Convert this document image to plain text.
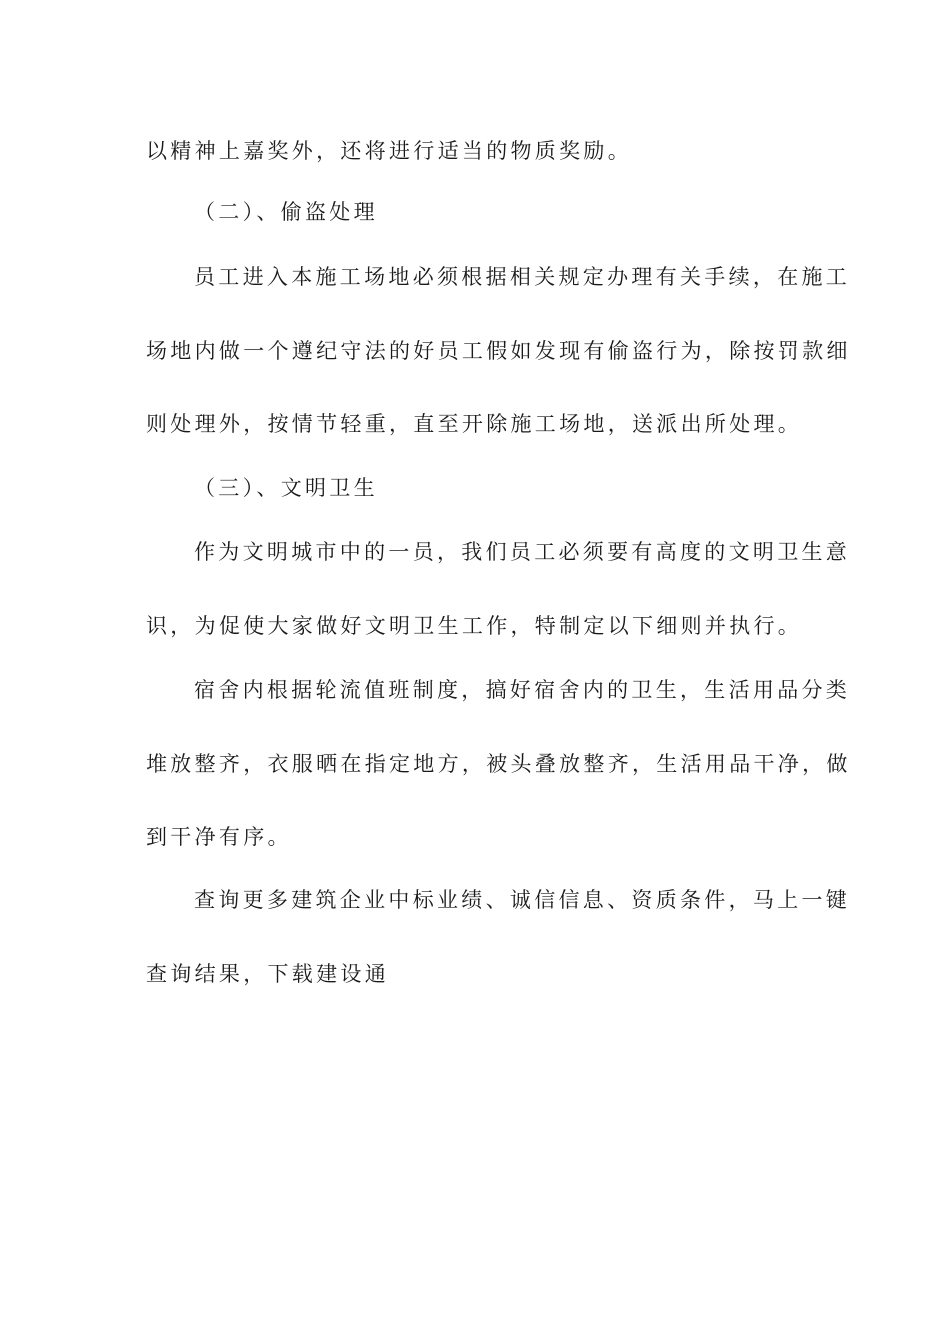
以精神上嘉奖外，还将进行适当的物质奖励。
（二）、偷盗处理
员工进入本施工场地必须根据相关规定办理有关手续，在施工
场地内做一个遵纪守法的好员工假如发现有偷盗行为，除按罚款细
则处理外，按情节轻重，直至开除施工场地，送派出所处理。
（三）、文明卫生
作为文明城市中的一员，我们员工必须要有高度的文明卫生意
识，为促使大家做好文明卫生工作，特制定以下细则并执行。
宿舍内根据轮流值班制度，搞好宿舍内的卫生，生活用品分类
堆放整齐，衣服晒在指定地方，被头叠放整齐，生活用品干净，做
到干净有序。
查询更多建筑企业中标业绩、诚信信息、资质条件，马上一键
查询结果，下载建设通
